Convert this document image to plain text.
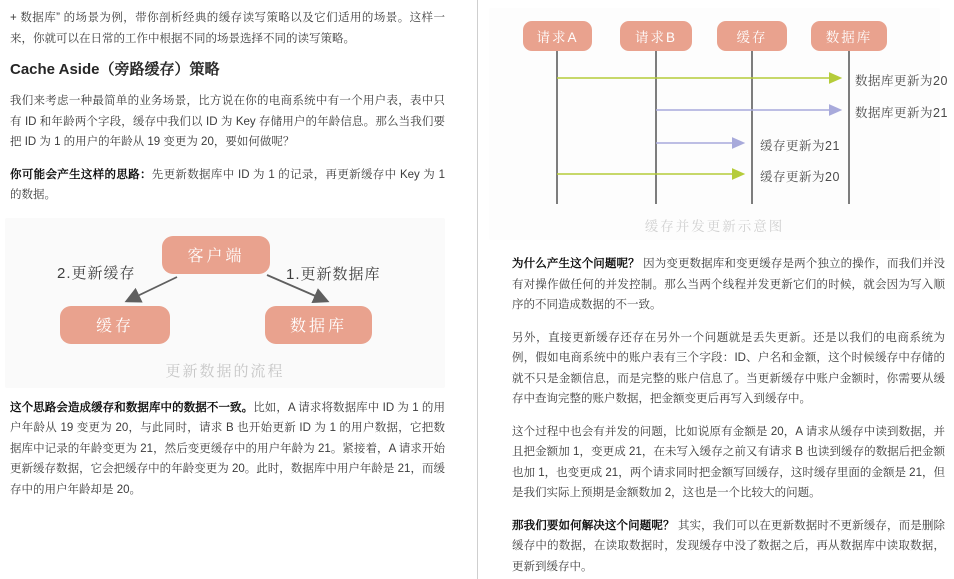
+ 数据库” 的场景为例，带你剖析经典的缓存读写策略以及它们适用的场景。这样一来，你就可以在日常的工作中根据不同的场景选择不同的读写策略。

Cache Aside（旁路缓存）策略

我们来考虑一种最简单的业务场景，比方说在你的电商系统中有一个用户表，表中只有 ID 和年龄两个字段，缓存中我们以 ID 为 Key 存储用户的年龄信息。那么当我们要把 ID 为 1 的用户的年龄从 19 变更为 20，要如何做呢？

你可能会产生这样的思路：先更新数据库中 ID 为 1 的记录，再更新缓存中 Key 为 1 的数据。

客户端
缓存	数据库
2.更新缓存	1.更新数据库
更新数据的流程

这个思路会造成缓存和数据库中的数据不一致。比如，A 请求将数据库中 ID 为 1 的用户年龄从 19 变更为 20，与此同时，请求 B 也开始更新 ID 为 1 的用户数据，它把数据库中记录的年龄变更为 21，然后变更缓存中的用户年龄为 21。紧接着，A 请求开始更新缓存数据，它会把缓存中的年龄变更为 20。此时，数据库中用户年龄是 21，而缓存中的用户年龄却是 20。

请求A	请求B	缓存	数据库
数据库更新为20
数据库更新为21
缓存更新为21
缓存更新为20
缓存并发更新示意图

为什么产生这个问题呢？ 因为变更数据库和变更缓存是两个独立的操作，而我们并没有对操作做任何的并发控制。那么当两个线程并发更新它们的时候，就会因为写入顺序的不同造成数据的不一致。

另外，直接更新缓存还存在另外一个问题就是丢失更新。还是以我们的电商系统为例，假如电商系统中的账户表有三个字段：ID、户名和金额，这个时候缓存中存储的就不只是金额信息，而是完整的账户信息了。当更新缓存中账户金额时，你需要从缓存中查询完整的账户数据，把金额变更后再写入到缓存中。

这个过程中也会有并发的问题，比如说原有金额是 20，A 请求从缓存中读到数据，并且把金额加 1，变更成 21，在未写入缓存之前又有请求 B 也读到缓存的数据后把金额也加 1，也变更成 21，两个请求同时把金额写回缓存，这时缓存里面的金额是 21，但是我们实际上预期是金额数加 2，这也是一个比较大的问题。

那我们要如何解决这个问题呢？ 其实，我们可以在更新数据时不更新缓存，而是删除缓存中的数据，在读取数据时，发现缓存中没了数据之后，再从数据库中读取数据，更新到缓存中。
